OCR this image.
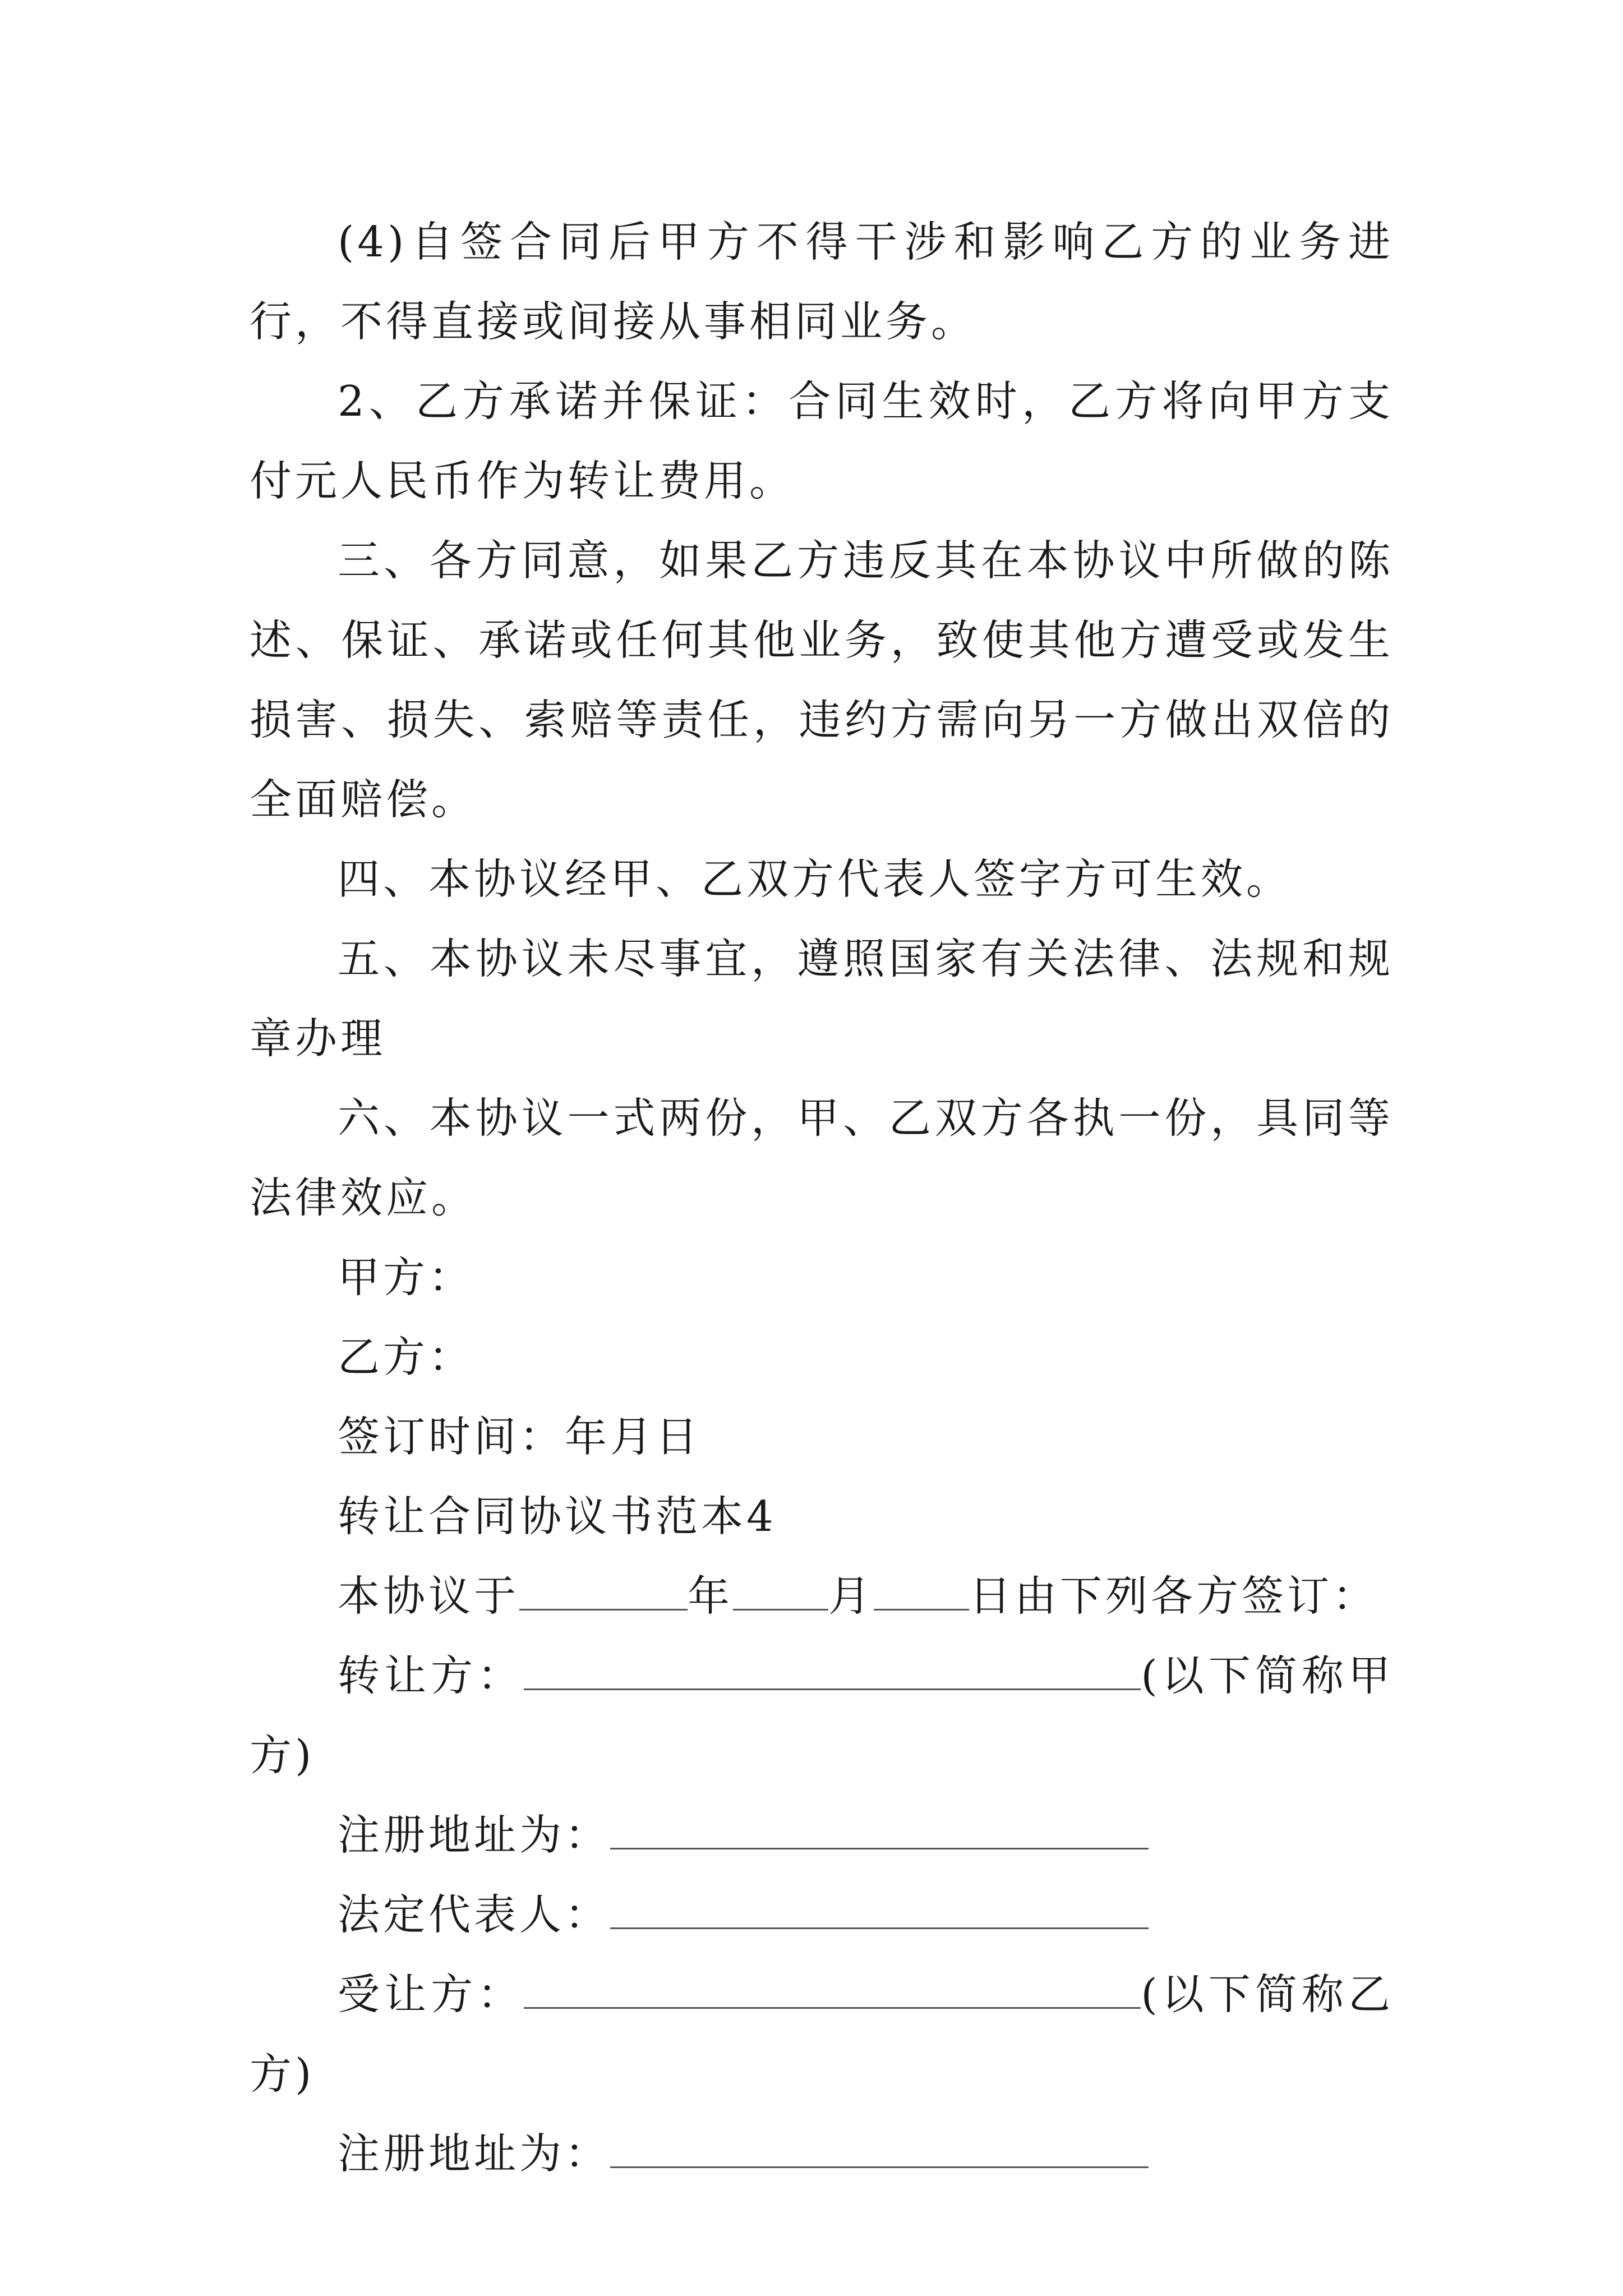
(4)自签合同后甲方不得干涉和影响乙方的业务进行，不得直接或间接从事相同业务。

2、乙方承诺并保证：合同生效时，乙方将向甲方支付元人民币作为转让费用。

三、各方同意，如果乙方违反其在本协议中所做的陈述、保证、承诺或任何其他业务，致使其他方遭受或发生损害、损失、索赔等责任，违约方需向另一方做出双倍的全面赔偿。

四、本协议经甲、乙双方代表人签字方可生效。

五、本协议未尽事宜，遵照国家有关法律、法规和规章办理

六、本协议一式两份，甲、乙双方各执一份，具同等法律效应。

甲方：

乙方：

签订时间：年月日

转让合同协议书范本4

本协议于	年 月 日由下列各方签订：

转让方：	(以下简称甲方)

注册地址为：

法定代表人：

受让方：	(以下简称乙方)

注册地址为：
